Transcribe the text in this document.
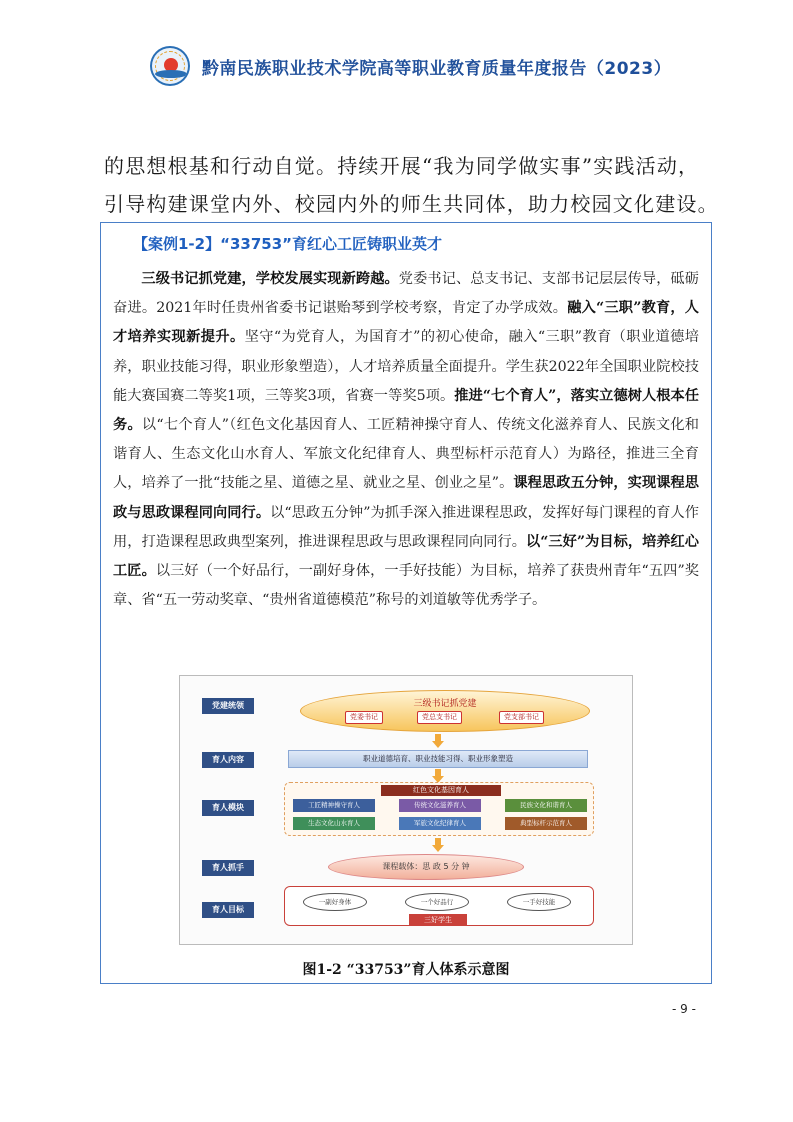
黔南民族职业技术学院高等职业教育质量年度报告（2023）
的思想根基和行动自觉。持续开展“我为同学做实事”实践活动，
引导构建课堂内外、校园内外的师生共同体，助力校园文化建设。
【案例1-2】“33753”育红心工匠铸职业英才

三级书记抓党建，学校发展实现新跨越。党委书记、总支书记、支部书记层层传导，砥砺奋进。2021年时任贵州省委书记谌贻琴到学校考察，肯定了办学成效。融入“三职”教育，人才培养实现新提升。坚守“为党育人，为国育才”的初心使命，融入“三职”教育（职业道德培养，职业技能习得，职业形象塑造），人才培养质量全面提升。学生获2022年全国职业院校技能大赛国赛二等奖1项，三等奖3项，省赛一等奖5项。推进“七个育人”，落实立德树人根本任务。以“七个育人”（红色文化基因育人、工匠精神操守育人、传统文化滋养育人、民族文化和谐育人、生态文化山水育人、军旅文化纪律育人、典型标杆示范育人）为路径，推进三全育人，培养了一批“技能之星、道德之星、就业之星、创业之星”。课程思政五分钟，实现课程思政与思政课程同向同行。以“思政五分钟”为抓手深入推进课程思政，发挥好每门课程的育人作用，打造课程思政典型案列，推进课程思政与思政课程同向同行。以“三好”为目标，培养红心工匠。以三好（一个好品行，一副好身体，一手好技能）为目标，培养了获贵州青年“五四”奖章、省“五一劳动奖章、“贵州省道德模范”称号的刘道敏等优秀学子。

党建统领
育人内容
育人模块
育人抓手
育人目标
三级书记抓党建
党委书记	党总支书记	党支部书记
职业道德培育、职业技能习得、职业形象塑造
红色文化基因育人
工匠精神操守育人	传统文化滋养育人	民族文化和谐育人
生态文化山水育人	军旅文化纪律育人	典型标杆示范育人
课程载体：思 政 5 分 钟
一副好身体	一个好品行	一手好技能
三好学生
图1-2 “33753”育人体系示意图
- 9 -
